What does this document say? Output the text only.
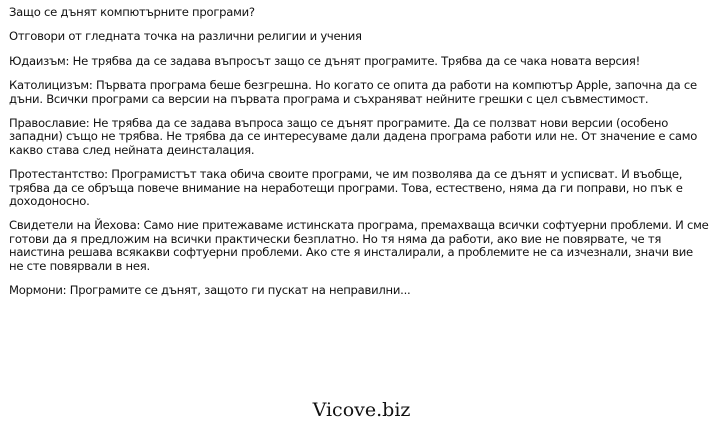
Защо се дънят компютърните програми?

Отговори от гледната точка на различни религии и учения

Юдаизъм: Не трябва да се задава въпросът защо се дънят програмите. Трябва да се чака новата версия!

Католицизъм: Първата програма беше безгрешна. Но когато се опита да работи на компютър Apple, започна да се дъни. Всички програми са версии на първата програма и съхраняват нейните грешки с цел съвместимост.

Православие: Не трябва да се задава въпроса защо се дънят програмите. Да се ползват нови версии (особено западни) също не трябва. Не трябва да се интересуваме дали дадена програма работи или не. От значение е само какво става след нейната деинсталация.

Протестантство: Програмистът така обича своите програми, че им позволява да се дънят и усписват. И въобще, трябва да се обръща повече внимание на неработещи програми. Това, естествено, няма да ги поправи, но пък е доходоносно.

Свидетели на Йехова: Само ние притежаваме истинската програма, премахваща всички софтуерни проблеми. И сме готови да я предложим на всички практически безплатно. Но тя няма да работи, ако вие не повярвате, че тя наистина решава всякакви софтуерни проблеми. Ако сте я инсталирали, а проблемите не са изчезнали, значи вие не сте повярвали в нея.

Мормони: Програмите се дънят, защото ги пускат на неправилни...

Vicove.biz
